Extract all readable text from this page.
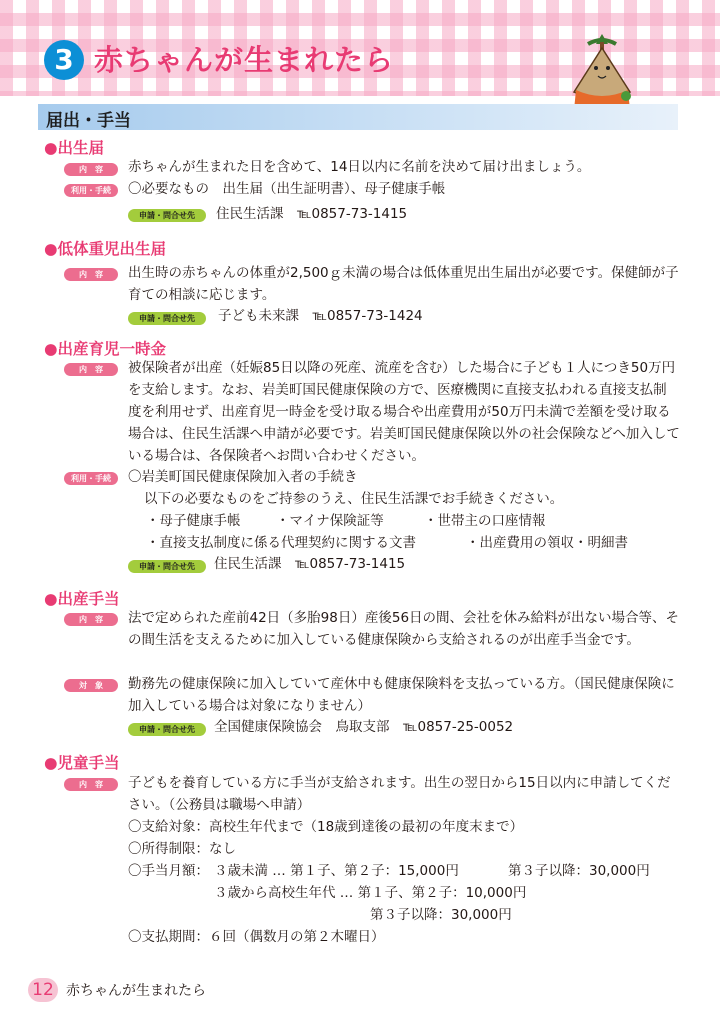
3 赤ちゃんが生まれたら
届出・手当
●出生届
内　容	赤ちゃんが生まれた日を含めて、14日以内に名前を決めて届け出ましょう。
利用・手続	〇必要なもの　出生届（出生証明書）、母子健康手帳
申請・問合せ先	住民生活課　℡0857-73-1415
●低体重児出生届
内　容	出生時の赤ちゃんの体重が2,500ｇ未満の場合は低体重児出生届出が必要です。保健師が子育ての相談に応じます。
申請・問合せ先	子ども未来課　℡0857-73-1424
●出産育児一時金
内　容	被保険者が出産（妊娠85日以降の死産、流産を含む）した場合に子ども１人につき50万円を支給します。なお、岩美町国民健康保険の方で、医療機関に直接支払われる直接支払制度を利用せず、出産育児一時金を受け取る場合や出産費用が50万円未満で差額を受け取る場合は、住民生活課へ申請が必要です。岩美町国民健康保険以外の社会保険などへ加入している場合は、各保険者へお問い合わせください。
利用・手続	〇岩美町国民健康保険加入者の手続き
以下の必要なものをご持参のうえ、住民生活課でお手続きください。
・母子健康手帳	・マイナ保険証等	・世帯主の口座情報
・直接支払制度に係る代理契約に関する文書	・出産費用の領収・明細書
申請・問合せ先	住民生活課　℡0857-73-1415
●出産手当
内　容	法で定められた産前42日（多胎98日）産後56日の間、会社を休み給料が出ない場合等、その間生活を支えるために加入している健康保険から支給されるのが出産手当金です。
対　象	勤務先の健康保険に加入していて産休中も健康保険料を支払っている方。（国民健康保険に加入している場合は対象になりません）
申請・問合せ先	全国健康保険協会　鳥取支部　℡0857-25-0052
●児童手当
内　容	子どもを養育している方に手当が支給されます。出生の翌日から15日以内に申請してください。（公務員は職場へ申請）
〇支給対象：高校生年代まで（18歳到達後の最初の年度末まで）
〇所得制限：なし
〇手当月額： ３歳未満 … 第１子、第２子：15,000円	第３子以降：30,000円
３歳から高校生年代 … 第１子、第２子：10,000円
第３子以降：30,000円
〇支払期間：６回（偶数月の第２木曜日）
12 赤ちゃんが生まれたら
